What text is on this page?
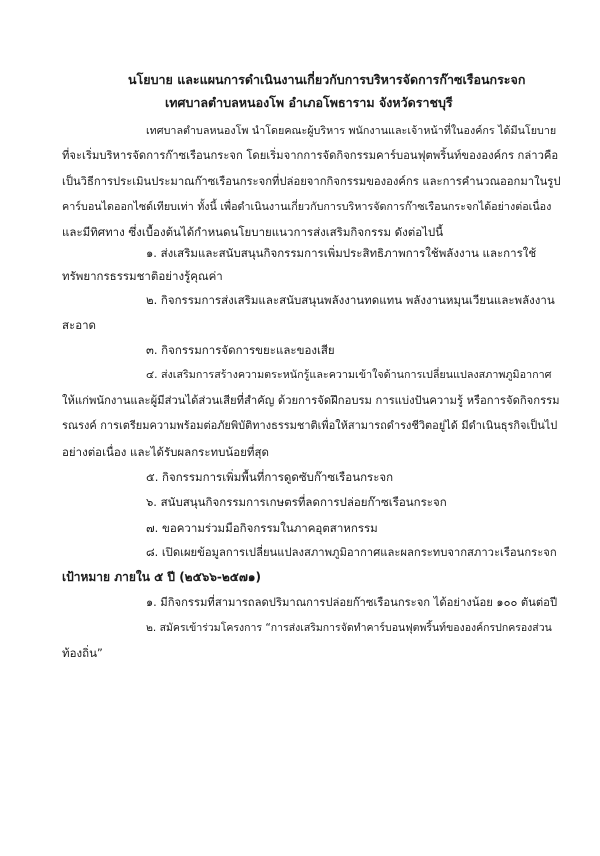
นโยบาย และแผนการดำเนินงานเกี่ยวกับการบริหารจัดการก๊าซเรือนกระจก
เทศบาลตำบลหนองโพ อำเภอโพธาราม จังหวัดราชบุรี
เทศบาลตำบลหนองโพ นำโดยคณะผู้บริหาร พนักงานและเจ้าหน้าที่ในองค์กร ได้มีนโยบาย
ที่จะเริ่มบริหารจัดการก๊าซเรือนกระจก โดยเริ่มจากการจัดกิจกรรมคาร์บอนฟุตพริ้นท์ขององค์กร กล่าวคือ
เป็นวิธีการประเมินประมาณก๊าซเรือนกระจกที่ปล่อยจากกิจกรรมขององค์กร และการคำนวณออกมาในรูป
คาร์บอนไดออกไซด์เทียบเท่า ทั้งนี้ เพื่อดำเนินงานเกี่ยวกับการบริหารจัดการก๊าซเรือนกระจกได้อย่างต่อเนื่อง
และมีทิศทาง ซึ่งเบื้องต้นได้กำหนดนโยบายแนวการส่งเสริมกิจกรรม ดังต่อไปนี้
๑. ส่งเสริมและสนับสนุนกิจกรรมการเพิ่มประสิทธิภาพการใช้พลังงาน และการใช้
ทรัพยากรธรรมชาติอย่างรู้คุณค่า
๒. กิจกรรมการส่งเสริมและสนับสนุนพลังงานทดแทน พลังงานหมุนเวียนและพลังงาน
สะอาด
๓. กิจกรรมการจัดการขยะและของเสีย
๔. ส่งเสริมการสร้างความตระหนักรู้และความเข้าใจด้านการเปลี่ยนแปลงสภาพภูมิอากาศ
ให้แก่พนักงานและผู้มีส่วนได้ส่วนเสียที่สำคัญ ด้วยการจัดฝึกอบรม การแบ่งปันความรู้ หรือการจัดกิจกรรม
รณรงค์ การเตรียมความพร้อมต่อภัยพิบัติทางธรรมชาติเพื่อให้สามารถดำรงชีวิตอยู่ได้ มีดำเนินธุรกิจเป็นไป
อย่างต่อเนื่อง และได้รับผลกระทบน้อยที่สุด
๕. กิจกรรมการเพิ่มพื้นที่การดูดซับก๊าซเรือนกระจก
๖. สนับสนุนกิจกรรมการเกษตรที่ลดการปล่อยก๊าซเรือนกระจก
๗. ขอความร่วมมือกิจกรรมในภาคอุตสาหกรรม
๘. เปิดเผยข้อมูลการเปลี่ยนแปลงสภาพภูมิอากาศและผลกระทบจากสภาวะเรือนกระจก
เป้าหมาย ภายใน ๕ ปี (๒๕๖๖-๒๕๗๑)
๑. มีกิจกรรมที่สามารถลดปริมาณการปล่อยก๊าซเรือนกระจก ได้อย่างน้อย ๑๐๐ ตันต่อปี
๒. สมัครเข้าร่วมโครงการ “การส่งเสริมการจัดทำคาร์บอนฟุตพริ้นท์ขององค์กรปกครองส่วน
ท้องถิ่น”
